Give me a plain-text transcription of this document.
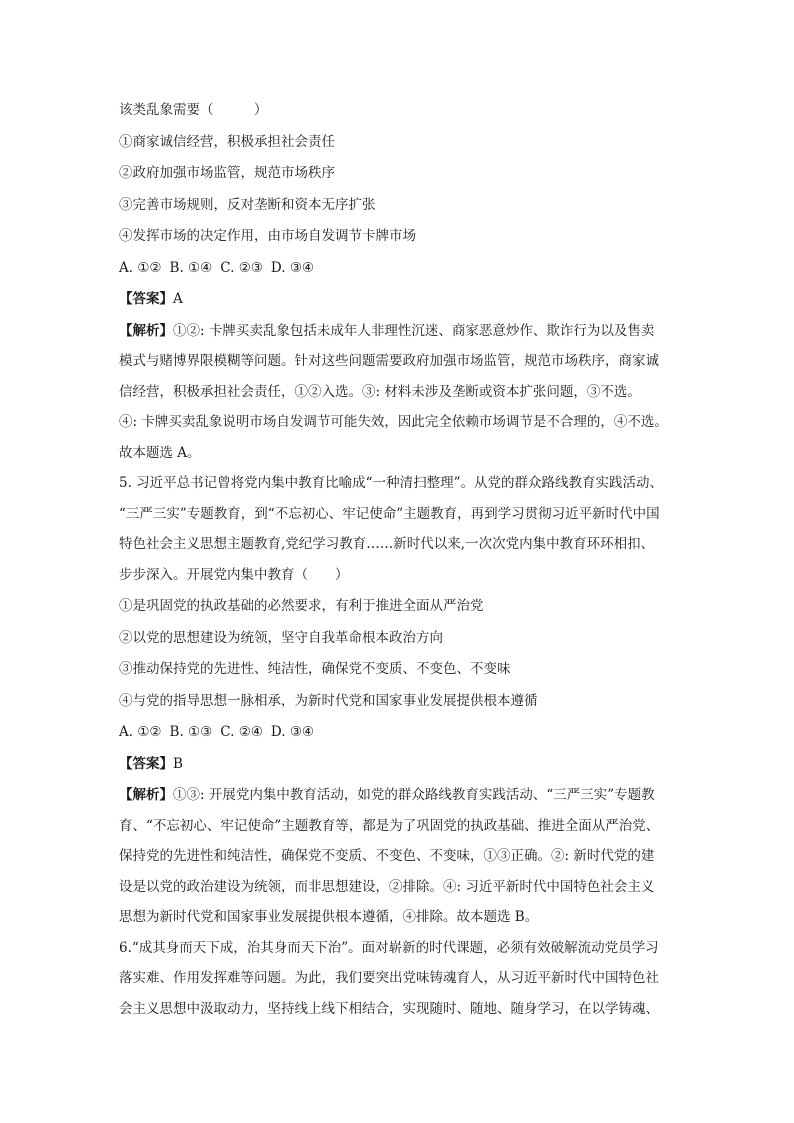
该类乱象需要（　　　）
①商家诚信经营，积极承担社会责任
②政府加强市场监管，规范市场秩序
③完善市场规则，反对垄断和资本无序扩张
④发挥市场的决定作用，由市场自发调节卡牌市场
A. ①② B. ①④ C. ②③ D. ③④
【答案】A
【解析】①②: 卡牌买卖乱象包括未成年人非理性沉迷、商家恶意炒作、欺诈行为以及售卖
模式与赌博界限模糊等问题。针对这些问题需要政府加强市场监管，规范市场秩序，商家诚
信经营，积极承担社会责任，①②入选。③: 材料未涉及垄断或资本扩张问题，③不选。
④: 卡牌买卖乱象说明市场自发调节可能失效，因此完全依赖市场调节是不合理的，④不选。
故本题选 A。
5. 习近平总书记曾将党内集中教育比喻成“一种清扫整理”。从党的群众路线教育实践活动、
“三严三实”专题教育，到“不忘初心、牢记使命”主题教育，再到学习贯彻习近平新时代中国
特色社会主义思想主题教育,党纪学习教育……新时代以来,一次次党内集中教育环环相扣、
步步深入。开展党内集中教育（　　）
①是巩固党的执政基础的必然要求，有利于推进全面从严治党
②以党的思想建设为统领，坚守自我革命根本政治方向
③推动保持党的先进性、纯洁性，确保党不变质、不变色、不变味
④与党的指导思想一脉相承，为新时代党和国家事业发展提供根本遵循
A. ①② B. ①③ C. ②④ D. ③④
【答案】B
【解析】①③: 开展党内集中教育活动，如党的群众路线教育实践活动、“三严三实”专题教
育、“不忘初心、牢记使命”主题教育等，都是为了巩固党的执政基础、推进全面从严治党、
保持党的先进性和纯洁性，确保党不变质、不变色、不变味，①③正确。②: 新时代党的建
设是以党的政治建设为统领，而非思想建设，②排除。④: 习近平新时代中国特色社会主义
思想为新时代党和国家事业发展提供根本遵循，④排除。故本题选 B。
6.“成其身而天下成，治其身而天下治”。面对崭新的时代课题，必须有效破解流动党员学习
落实难、作用发挥难等问题。为此，我们要突出党味铸魂育人，从习近平新时代中国特色社
会主义思想中汲取动力，坚持线上线下相结合，实现随时、随地、随身学习，在以学铸魂、
